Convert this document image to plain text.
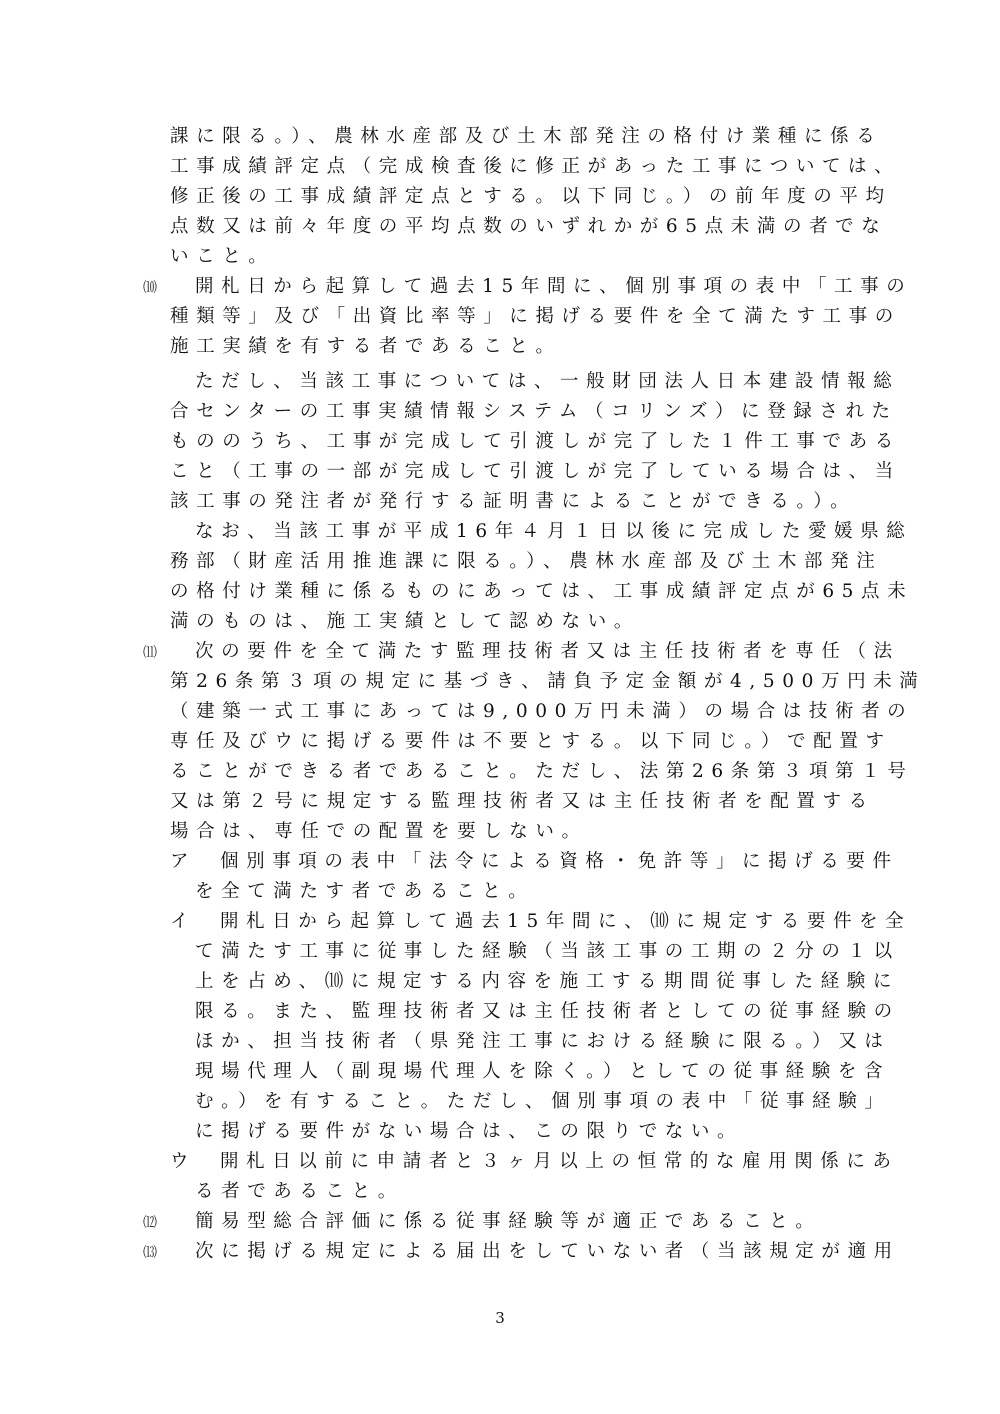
課に限る。）、農林水産部及び土木部発注の格付け業種に係る
工事成績評定点（完成検査後に修正があった工事については、
修正後の工事成績評定点とする。以下同じ。）の前年度の平均
点数又は前々年度の平均点数のいずれかが65点未満の者でな
いこと。
⑽ 開札日から起算して過去15年間に、個別事項の表中「工事の
種類等」及び「出資比率等」に掲げる要件を全て満たす工事の
施工実績を有する者であること。
ただし、当該工事については、一般財団法人日本建設情報総
合センターの工事実績情報システム（コリンズ）に登録された
もののうち、工事が完成して引渡しが完了した１件工事である
こと（工事の一部が完成して引渡しが完了している場合は、当
該工事の発注者が発行する証明書によることができる。）。
なお、当該工事が平成16年４月１日以後に完成した愛媛県総
務部（財産活用推進課に限る。）、農林水産部及び土木部発注
の格付け業種に係るものにあっては、工事成績評定点が65点未
満のものは、施工実績として認めない。
⑾ 次の要件を全て満たす監理技術者又は主任技術者を専任（法
第26条第３項の規定に基づき、請負予定金額が4,500万円未満
（建築一式工事にあっては9,000万円未満）の場合は技術者の
専任及びウに掲げる要件は不要とする。以下同じ。）で配置す
ることができる者であること。ただし、法第26条第３項第１号
又は第２号に規定する監理技術者又は主任技術者を配置する
場合は、専任での配置を要しない。
ア 個別事項の表中「法令による資格・免許等」に掲げる要件
を全て満たす者であること。
イ 開札日から起算して過去15年間に、⑽に規定する要件を全
て満たす工事に従事した経験（当該工事の工期の２分の１以
上を占め、⑽に規定する内容を施工する期間従事した経験に
限る。また、監理技術者又は主任技術者としての従事経験の
ほか、担当技術者（県発注工事における経験に限る。）又は
現場代理人（副現場代理人を除く。）としての従事経験を含
む。）を有すること。ただし、個別事項の表中「従事経験」
に掲げる要件がない場合は、この限りでない。
ウ 開札日以前に申請者と３ヶ月以上の恒常的な雇用関係にあ
る者であること。
⑿ 簡易型総合評価に係る従事経験等が適正であること。
⒀ 次に掲げる規定による届出をしていない者（当該規定が適用
3
